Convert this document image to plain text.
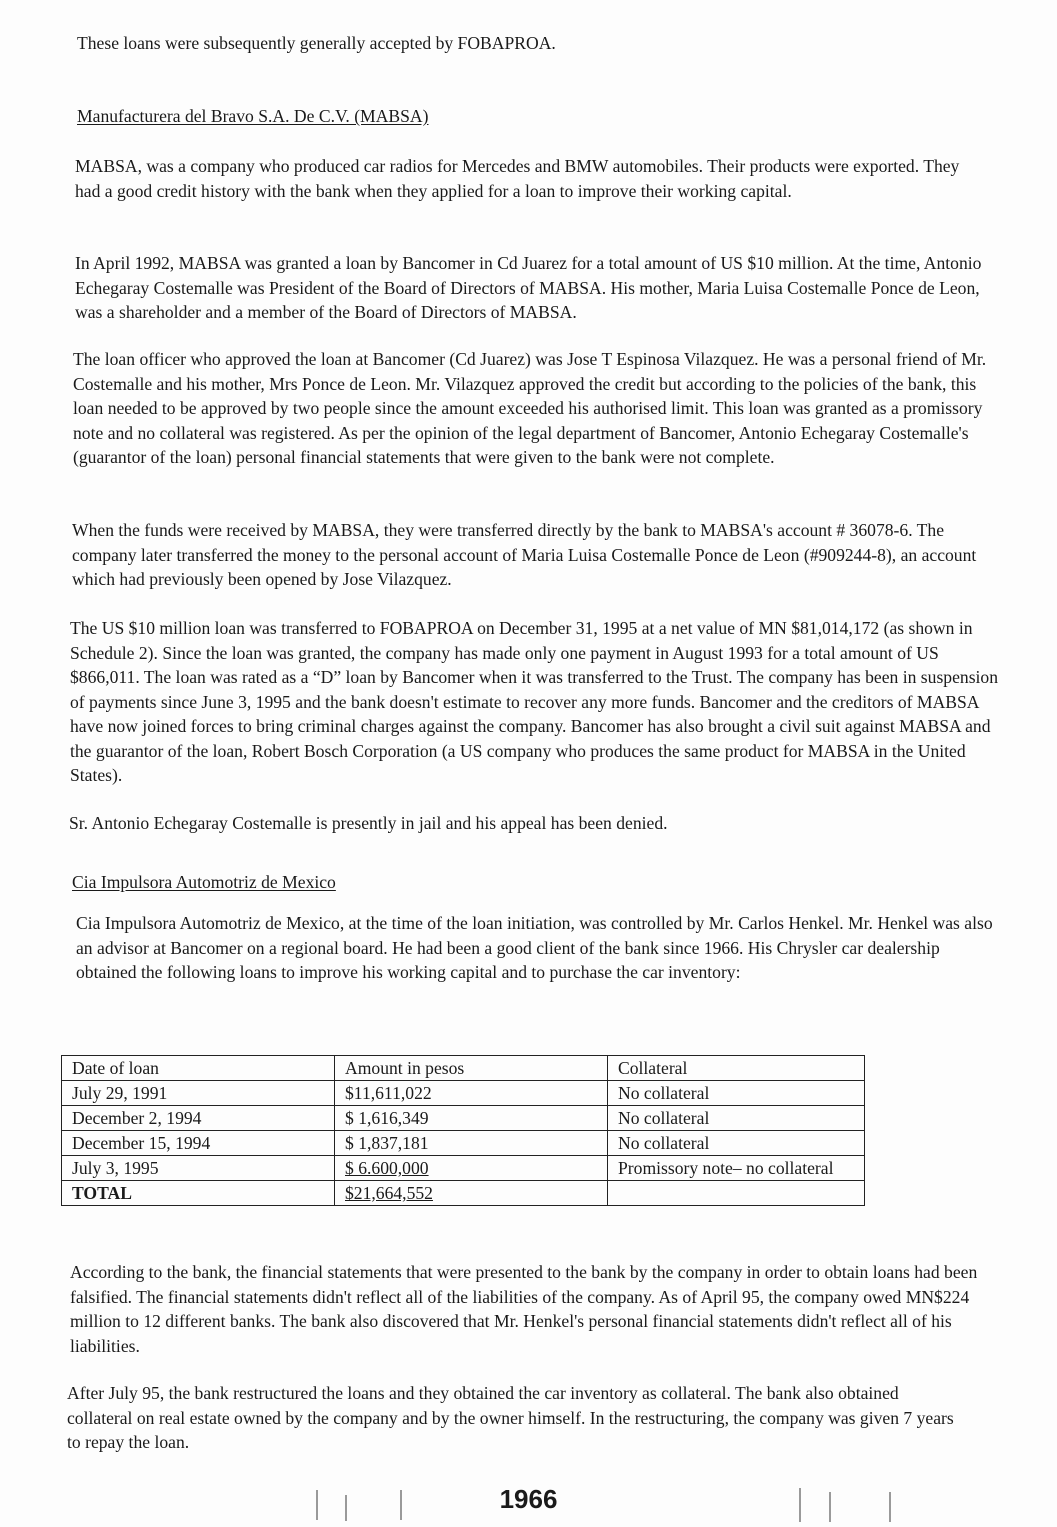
These loans were subsequently generally accepted by FOBAPROA.

Manufacturera del Bravo S.A. De C.V. (MABSA)

MABSA, was a company who produced car radios for Mercedes and BMW automobiles. Their products were exported. They had a good credit history with the bank when they applied for a loan to improve their working capital.

In April 1992, MABSA was granted a loan by Bancomer in Cd Juarez for a total amount of US $10 million. At the time, Antonio Echegaray Costemalle was President of the Board of Directors of MABSA. His mother, Maria Luisa Costemalle Ponce de Leon, was a shareholder and a member of the Board of Directors of MABSA.

The loan officer who approved the loan at Bancomer (Cd Juarez) was Jose T Espinosa Vilazquez. He was a personal friend of Mr. Costemalle and his mother, Mrs Ponce de Leon. Mr. Vilazquez approved the credit but according to the policies of the bank, this loan needed to be approved by two people since the amount exceeded his authorised limit. This loan was granted as a promissory note and no collateral was registered. As per the opinion of the legal department of Bancomer, Antonio Echegaray Costemalle's (guarantor of the loan) personal financial statements that were given to the bank were not complete.

When the funds were received by MABSA, they were transferred directly by the bank to MABSA's account # 36078-6. The company later transferred the money to the personal account of Maria Luisa Costemalle Ponce de Leon (#909244-8), an account which had previously been opened by Jose Vilazquez.

The US $10 million loan was transferred to FOBAPROA on December 31, 1995 at a net value of MN $81,014,172 (as shown in Schedule 2). Since the loan was granted, the company has made only one payment in August 1993 for a total amount of US $866,011. The loan was rated as a “D” loan by Bancomer when it was transferred to the Trust. The company has been in suspension of payments since June 3, 1995 and the bank doesn't estimate to recover any more funds. Bancomer and the creditors of MABSA have now joined forces to bring criminal charges against the company. Bancomer has also brought a civil suit against MABSA and the guarantor of the loan, Robert Bosch Corporation (a US company who produces the same product for MABSA in the United States).

Sr. Antonio Echegaray Costemalle is presently in jail and his appeal has been denied.

Cia Impulsora Automotriz de Mexico

Cia Impulsora Automotriz de Mexico, at the time of the loan initiation, was controlled by Mr. Carlos Henkel. Mr. Henkel was also an advisor at Bancomer on a regional board. He had been a good client of the bank since 1966. His Chrysler car dealership obtained the following loans to improve his working capital and to purchase the car inventory:

Date of loan	Amount in pesos	Collateral
July 29, 1991	$11,611,022	No collateral
December 2, 1994	$ 1,616,349	No collateral
December 15, 1994	$ 1,837,181	No collateral
July 3, 1995	$ 6.600,000	Promissory note– no collateral
TOTAL	$21,664,552	

According to the bank, the financial statements that were presented to the bank by the company in order to obtain loans had been falsified. The financial statements didn't reflect all of the liabilities of the company. As of April 95, the company owed MN$224 million to 12 different banks. The bank also discovered that Mr. Henkel's personal financial statements didn't reflect all of his liabilities.

After July 95, the bank restructured the loans and they obtained the car inventory as collateral. The bank also obtained collateral on real estate owned by the company and by the owner himself. In the restructuring, the company was given 7 years to repay the loan.

1966
